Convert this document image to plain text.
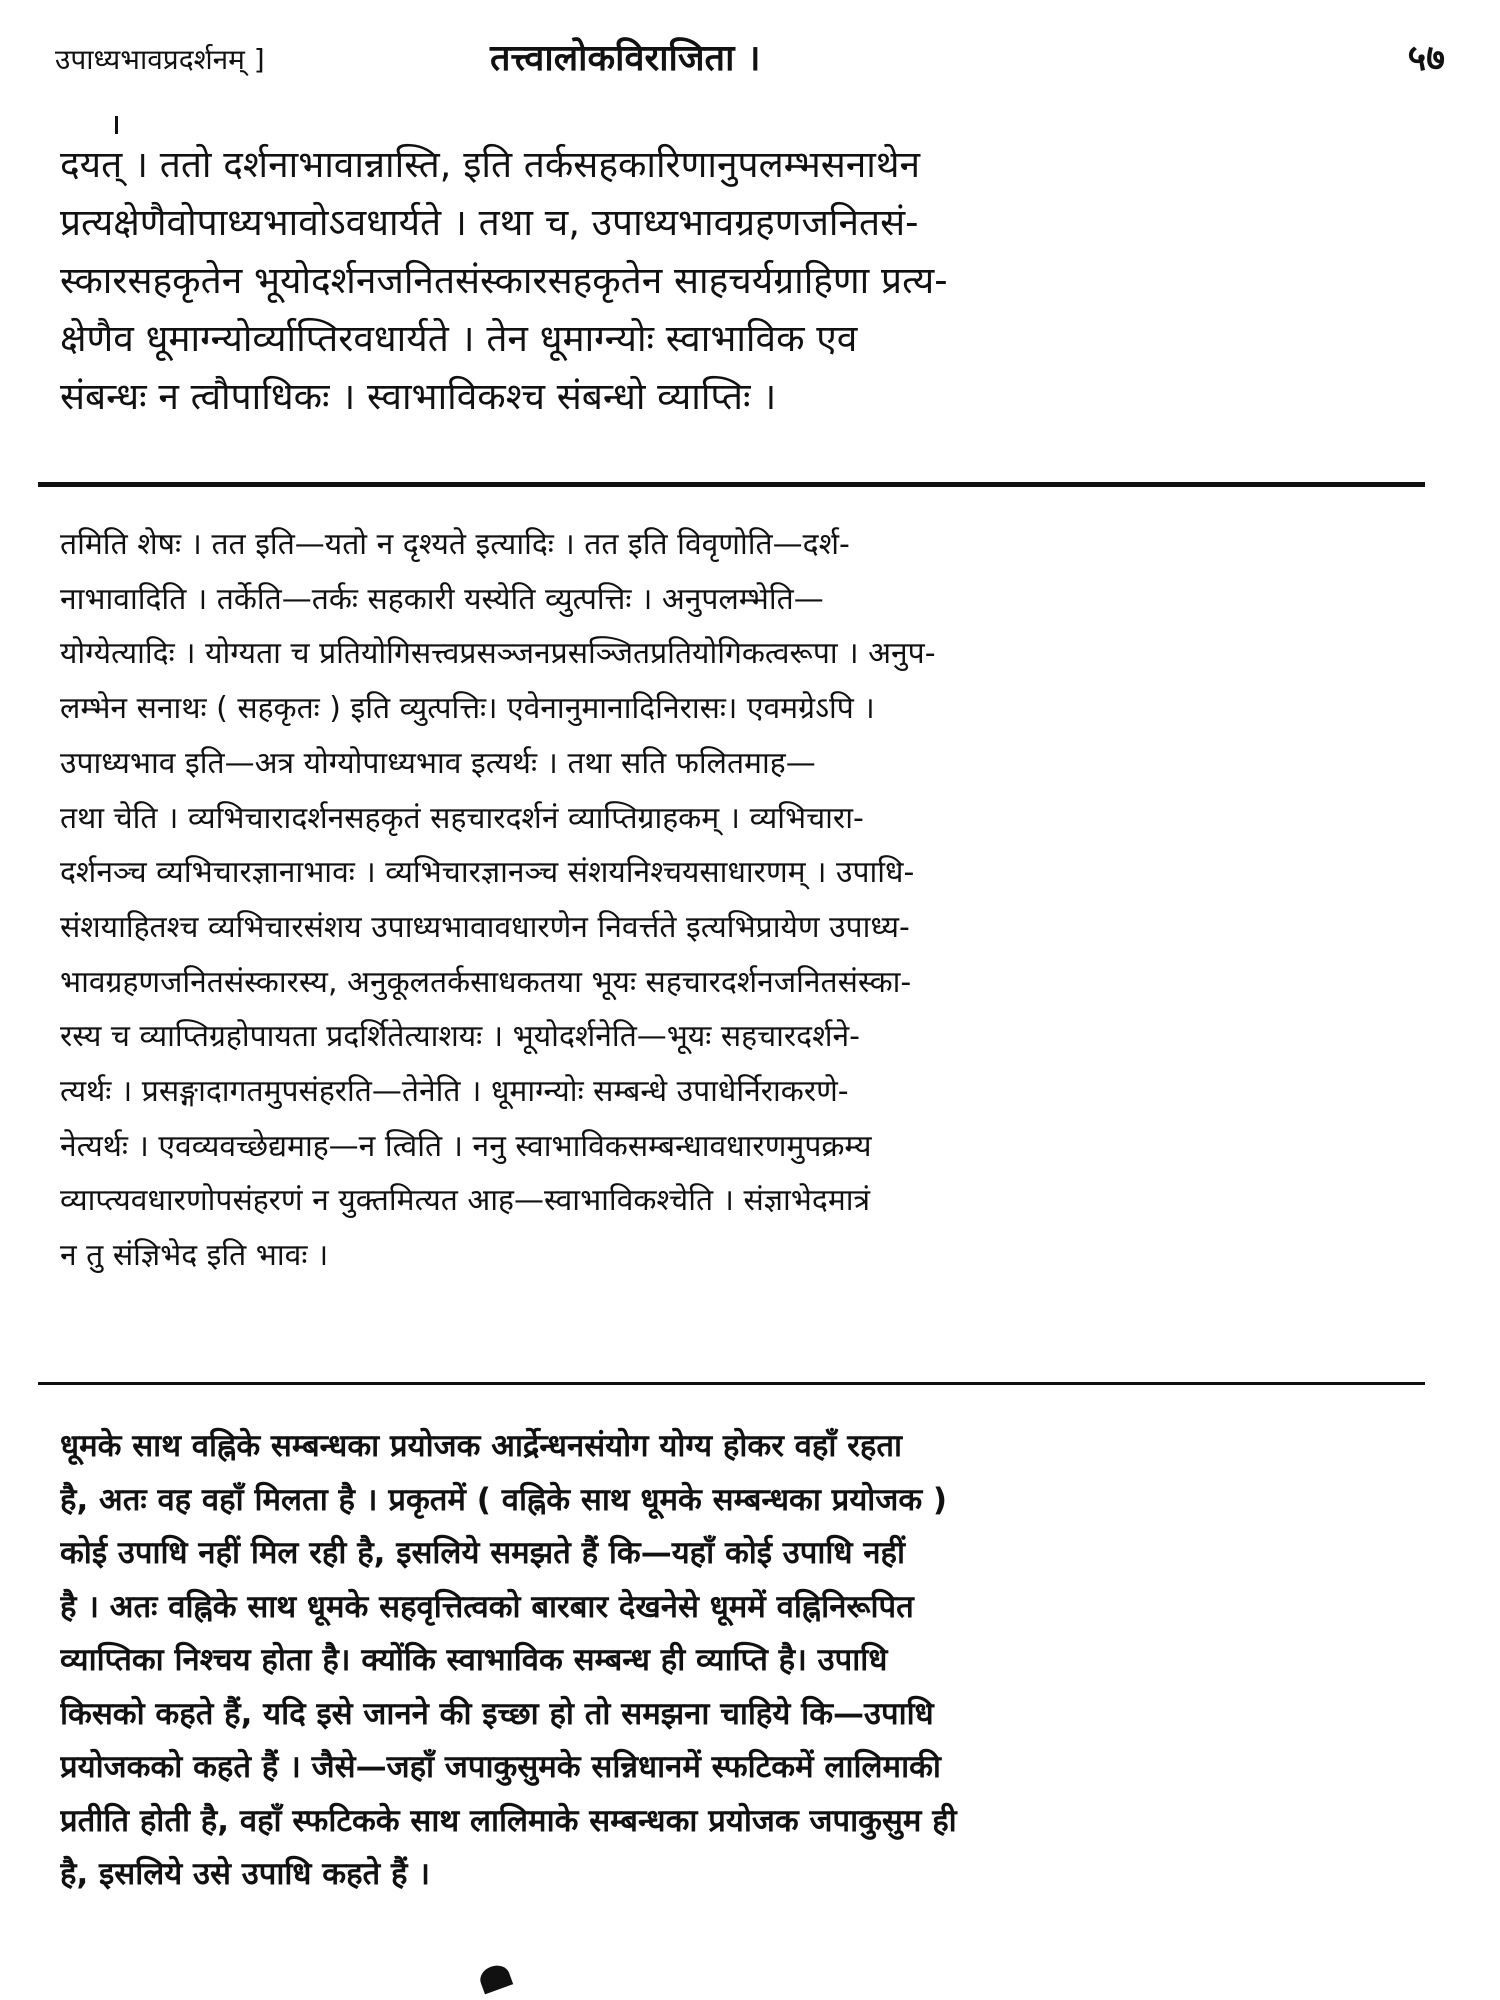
उपाध्यभावप्रदर्शनम् ]	तत्त्वालोकविराजिता ।	५७
दयत् । ततो दर्शनाभावान्नास्ति, इति तर्कसहकारिणानुपलम्भसनाथेन
प्रत्यक्षेणैवोपाध्यभावोऽवधार्यते । तथा च, उपाध्यभावग्रहणजनितसं-
स्कारसहकृतेन भूयोदर्शनजनितसंस्कारसहकृतेन साहचर्यग्राहिणा प्रत्य-
क्षेणैव धूमाग्न्योर्व्याप्तिरवधार्यते । तेन धूमाग्न्योः स्वाभाविक एव
संबन्धः न त्वौपाधिकः । स्वाभाविकश्च संबन्धो व्याप्तिः ।
तमिति शेषः । तत इति—यतो न दृश्यते इत्यादिः । तत इति विवृणोति—दर्श-
नाभावादिति । तर्केति—तर्कः सहकारी यस्येति व्युत्पत्तिः । अनुपलम्भेति—
योग्येत्यादिः । योग्यता च प्रतियोगिसत्त्वप्रसञ्जनप्रसञ्जितप्रतियोगिकत्वरूपा । अनुप-
लम्भेन सनाथः ( सहकृतः ) इति व्युत्पत्तिः। एवेनानुमानादिनिरासः। एवमग्रेऽपि ।
उपाध्यभाव इति—अत्र योग्योपाध्यभाव इत्यर्थः । तथा सति फलितमाह—
तथा चेति । व्यभिचारादर्शनसहकृतं सहचारदर्शनं व्याप्तिग्राहकम् । व्यभिचारा-
दर्शनञ्च व्यभिचारज्ञानाभावः । व्यभिचारज्ञानञ्च संशयनिश्चयसाधारणम् । उपाधि-
संशयाहितश्च व्यभिचारसंशय उपाध्यभावावधारणेन निवर्त्तते इत्यभिप्रायेण उपाध्य-
भावग्रहणजनितसंस्कारस्य, अनुकूलतर्कसाधकतया भूयः सहचारदर्शनजनितसंस्का-
रस्य च व्याप्तिग्रहोपायता प्रदर्शितेत्याशयः । भूयोदर्शनेति—भूयः सहचारदर्शने-
त्यर्थः । प्रसङ्गादागतमुपसंहरति—तेनेति । धूमाग्न्योः सम्बन्धे उपाधेर्निराकरणे-
नेत्यर्थः । एवव्यवच्छेद्यमाह—न त्विति । ननु स्वाभाविकसम्बन्धावधारणमुपक्रम्य
व्याप्त्यवधारणोपसंहरणं न युक्तमित्यत आह—स्वाभाविकश्चेति । संज्ञाभेदमात्रं
न तु संज्ञिभेद इति भावः ।
धूमके साथ वह्निके सम्बन्धका प्रयोजक आर्द्रेन्धनसंयोग योग्य होकर वहाँ रहता
है, अतः वह वहाँ मिलता है । प्रकृतमें ( वह्निके साथ धूमके सम्बन्धका प्रयोजक )
कोई उपाधि नहीं मिल रही है, इसलिये समझते हैं कि—यहाँ कोई उपाधि नहीं
है । अतः वह्निके साथ धूमके सहवृत्तित्वको बारबार देखनेसे धूममें वह्निनिरूपित
व्याप्तिका निश्चय होता है। क्योंकि स्वाभाविक सम्बन्ध ही व्याप्ति है। उपाधि
किसको कहते हैं, यदि इसे जानने की इच्छा हो तो समझना चाहिये कि—उपाधि
प्रयोजकको कहते हैं । जैसे—जहाँ जपाकुसुमके सन्निधानमें स्फटिकमें लालिमाकी
प्रतीति होती है, वहाँ स्फटिकके साथ लालिमाके सम्बन्धका प्रयोजक जपाकुसुम ही
है, इसलिये उसे उपाधि कहते हैं ।
